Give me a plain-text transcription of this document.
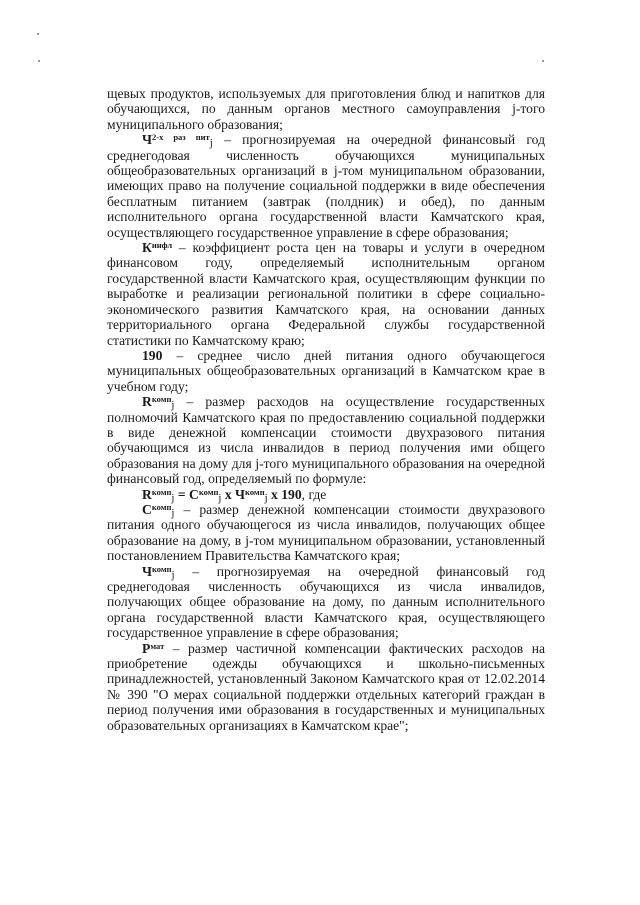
щевых продуктов, используемых для приготовления блюд и напитков для обучающихся, по данным органов местного самоуправления j-того муниципального образования;

$Ч^{2-х раз пит}j$ – прогнозируемая на очередной финансовый год среднегодовая численность обучающихся муниципальных общеобразовательных организаций в j-том муниципальном образовании, имеющих право на получение социальной поддержки в виде обеспечения бесплатным питанием (завтрак (полдник) и обед), по данным исполнительного органа государственной власти Камчатского края, осуществляющего государственное управление в сфере образования;

$К^{инфл}$ – коэффициент роста цен на товары и услуги в очередном финансовом году, определяемый исполнительным органом государственной власти Камчатского края, осуществляющим функции по выработке и реализации региональной политики в сфере социально-экономического развития Камчатского края, на основании данных территориального органа Федеральной службы государственной статистики по Камчатскому краю;

190 – среднее число дней питания одного обучающегося муниципальных общеобразовательных организаций в Камчатском крае в учебном году;

$R^{комп}j$ – размер расходов на осуществление государственных полномочий Камчатского края по предоставлению социальной поддержки в виде денежной компенсации стоимости двухразового питания обучающимся из числа инвалидов в период получения ими общего образования на дому для j-того муниципального образования на очередной финансовый год, определяемый по формуле:

$R^{комп}j = C^{комп}j$ x $Ч^{комп}j$ x 190, где

$C^{комп}j$ – размер денежной компенсации стоимости двухразового питания одного обучающегося из числа инвалидов, получающих общее образование на дому, в j-том муниципальном образовании, установленный постановлением Правительства Камчатского края;

$Ч^{комп}j$ – прогнозируемая на очередной финансовый год среднегодовая численность обучающихся из числа инвалидов, получающих общее образование на дому, по данным исполнительного органа государственной власти Камчатского края, осуществляющего государственное управление в сфере образования;

$Р^{мат}$ – размер частичной компенсации фактических расходов на приобретение одежды обучающихся и школьно-письменных принадлежностей, установленный Законом Камчатского края от 12.02.2014 № 390 "О мерах социальной поддержки отдельных категорий граждан в период получения ими образования в государственных и муниципальных образовательных организациях в Камчатском крае";
